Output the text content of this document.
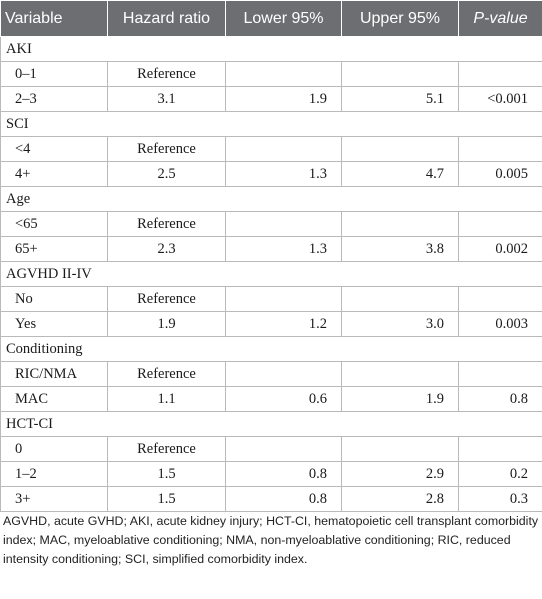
Variable	Hazard ratio	Lower 95%	Upper 95%	P-value
AKI				
0–1	Reference			
2–3	3.1	1.9	5.1	<0.001
SCI				
<4	Reference			
4+	2.5	1.3	4.7	0.005
Age				
<65	Reference			
65+	2.3	1.3	3.8	0.002
AGVHD II-IV				
No	Reference			
Yes	1.9	1.2	3.0	0.003
Conditioning				
RIC/NMA	Reference			
MAC	1.1	0.6	1.9	0.8
HCT-CI				
0	Reference			
1–2	1.5	0.8	2.9	0.2
3+	1.5	0.8	2.8	0.3
AGVHD, acute GVHD; AKI, acute kidney injury; HCT-CI, hematopoietic cell transplant comorbidity index; MAC, myeloablative conditioning; NMA, non-myeloablative conditioning; RIC, reduced intensity conditioning; SCI, simplified comorbidity index.
